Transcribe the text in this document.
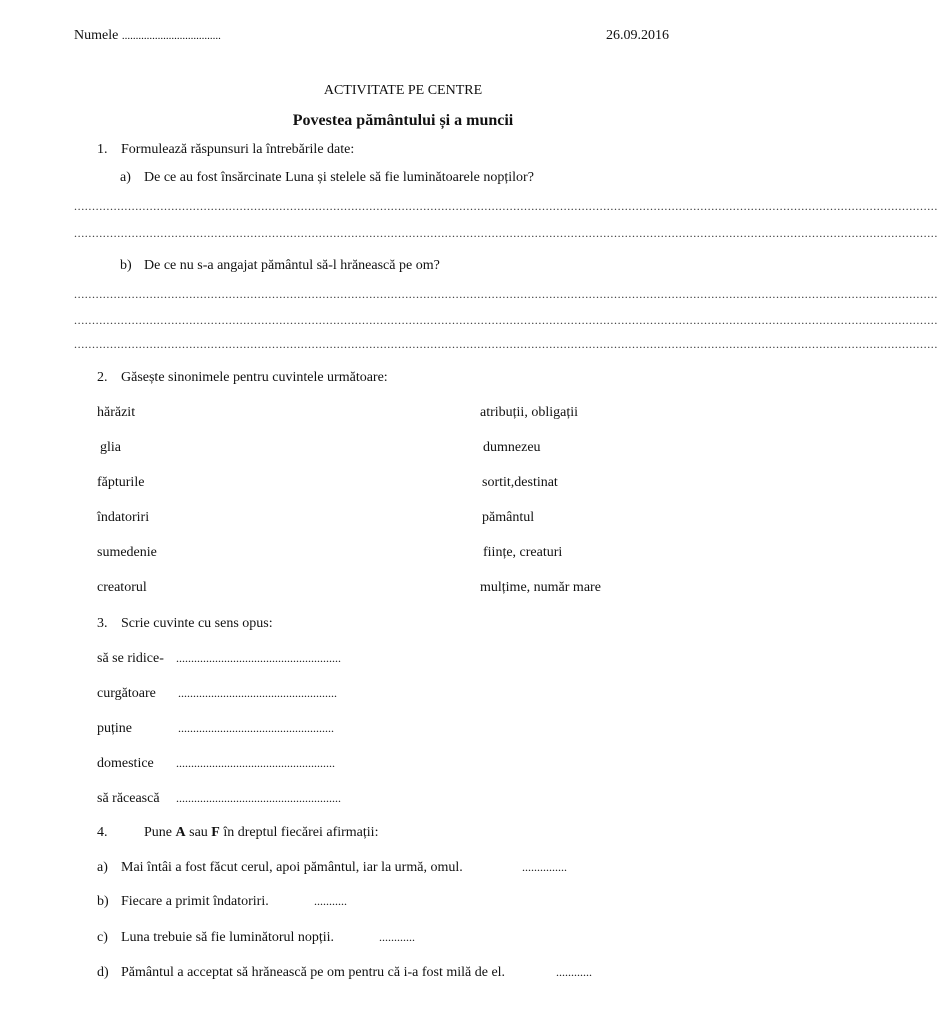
Numele ....................................	26.09.2016
ACTIVITATE PE CENTRE
Povestea pământului și a muncii
1. Formulează răspunsuri la întrebările date:
a) De ce au fost însărcinate Luna și stelele să fie luminătoarele nopților?
................................................................................................................................................................................................................................................
................................................................................................................................................................................................................................................
b) De ce nu s-a angajat pământul să-l hrănească pe om?
................................................................................................................................................................................................................................................
................................................................................................................................................................................................................................................
................................................................................................................................................................................................................................................
2. Găsește sinonimele pentru cuvintele următoare:
hărăzit	atribuții, obligații
glia	dumnezeu
făpturile	sortit,destinat
îndatoriri	pământul
sumedenie	ființe, creaturi
creatorul	mulțime, număr mare
3. Scrie cuvinte cu sens opus:
să se ridice- .......................................................
curgătoare .....................................................
puține	....................................................
domestice .....................................................
să răcească .......................................................
4.	Pune A sau F în dreptul fiecărei afirmații:
a) Mai întâi a fost făcut cerul, apoi pământul, iar la urmă, omul.	...............
b) Fiecare a primit îndatoriri.	...........
c) Luna trebuie să fie luminătorul nopții.	............
d) Pământul a acceptat să hrănească pe om pentru că i-a fost milă de el.	............
